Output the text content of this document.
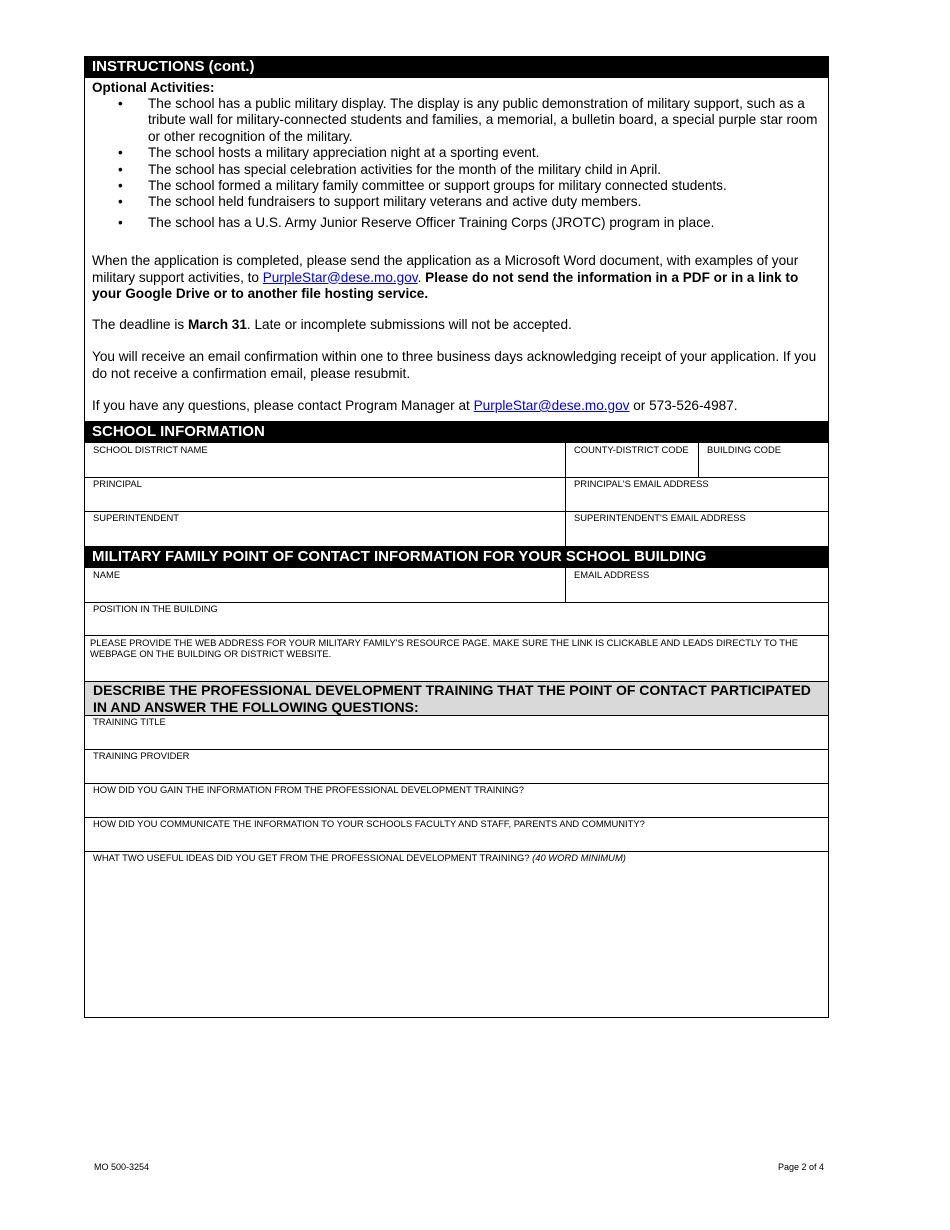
INSTRUCTIONS (cont.)
Optional Activities:
• The school has a public military display. The display is any public demonstration of military support, such as a tribute wall for military-connected students and families, a memorial, a bulletin board, a special purple star room or other recognition of the military.
• The school hosts a military appreciation night at a sporting event.
• The school has special celebration activities for the month of the military child in April.
• The school formed a military family committee or support groups for military connected students.
• The school held fundraisers to support military veterans and active duty members.
• The school has a U.S. Army Junior Reserve Officer Training Corps (JROTC) program in place.
When the application is completed, please send the application as a Microsoft Word document, with examples of your military support activities, to PurpleStar@dese.mo.gov. Please do not send the information in a PDF or in a link to your Google Drive or to another file hosting service.
The deadline is March 31. Late or incomplete submissions will not be accepted.
You will receive an email confirmation within one to three business days acknowledging receipt of your application. If you do not receive a confirmation email, please resubmit.
If you have any questions, please contact Program Manager at PurpleStar@dese.mo.gov or 573-526-4987.
SCHOOL INFORMATION
SCHOOL DISTRICT NAME	COUNTY-DISTRICT CODE BUILDING CODE
PRINCIPAL	PRINCIPAL'S EMAIL ADDRESS
SUPERINTENDENT	SUPERINTENDENT'S EMAIL ADDRESS
MILITARY FAMILY POINT OF CONTACT INFORMATION FOR YOUR SCHOOL BUILDING
NAME	EMAIL ADDRESS
POSITION IN THE BUILDING
PLEASE PROVIDE THE WEB ADDRESS FOR YOUR MILITARY FAMILY'S RESOURCE PAGE. MAKE SURE THE LINK IS CLICKABLE AND LEADS DIRECTLY TO THE WEBPAGE ON THE BUILDING OR DISTRICT WEBSITE.
DESCRIBE THE PROFESSIONAL DEVELOPMENT TRAINING THAT THE POINT OF CONTACT PARTICIPATED IN AND ANSWER THE FOLLOWING QUESTIONS:
TRAINING TITLE
TRAINING PROVIDER
HOW DID YOU GAIN THE INFORMATION FROM THE PROFESSIONAL DEVELOPMENT TRAINING?
HOW DID YOU COMMUNICATE THE INFORMATION TO YOUR SCHOOLS FACULTY AND STAFF, PARENTS AND COMMUNITY?
WHAT TWO USEFUL IDEAS DID YOU GET FROM THE PROFESSIONAL DEVELOPMENT TRAINING? (40 WORD MINIMUM)
MO 500-3254	Page 2 of 4
